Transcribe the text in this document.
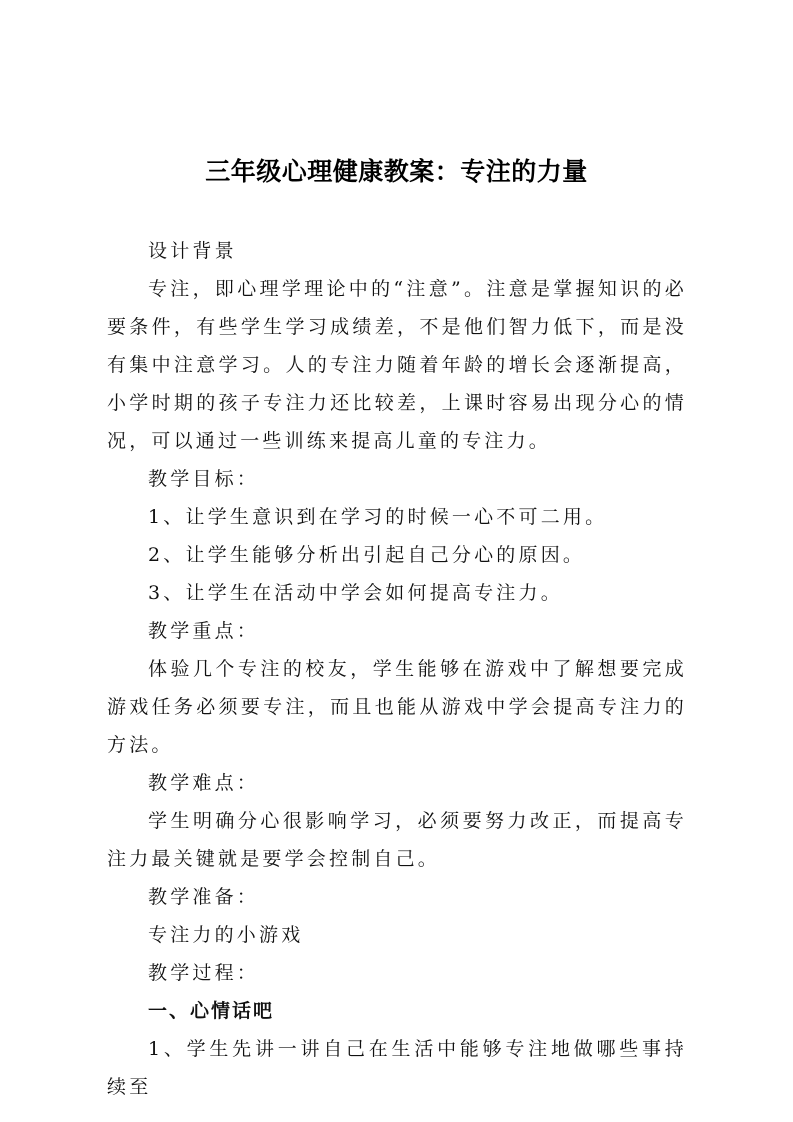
三年级心理健康教案：专注的力量

设计背景

专注，即心理学理论中的“注意”。注意是掌握知识的必要条件，有些学生学习成绩差，不是他们智力低下，而是没有集中注意学习。人的专注力随着年龄的增长会逐渐提高，小学时期的孩子专注力还比较差，上课时容易出现分心的情况，可以通过一些训练来提高儿童的专注力。

教学目标：

1、让学生意识到在学习的时候一心不可二用。

2、让学生能够分析出引起自己分心的原因。

3、让学生在活动中学会如何提高专注力。

教学重点：

体验几个专注的校友，学生能够在游戏中了解想要完成游戏任务必须要专注，而且也能从游戏中学会提高专注力的方法。

教学难点：

学生明确分心很影响学习，必须要努力改正，而提高专注力最关键就是要学会控制自己。

教学准备：

专注力的小游戏

教学过程：

一、心情话吧

1、学生先讲一讲自己在生活中能够专注地做哪些事持续至
